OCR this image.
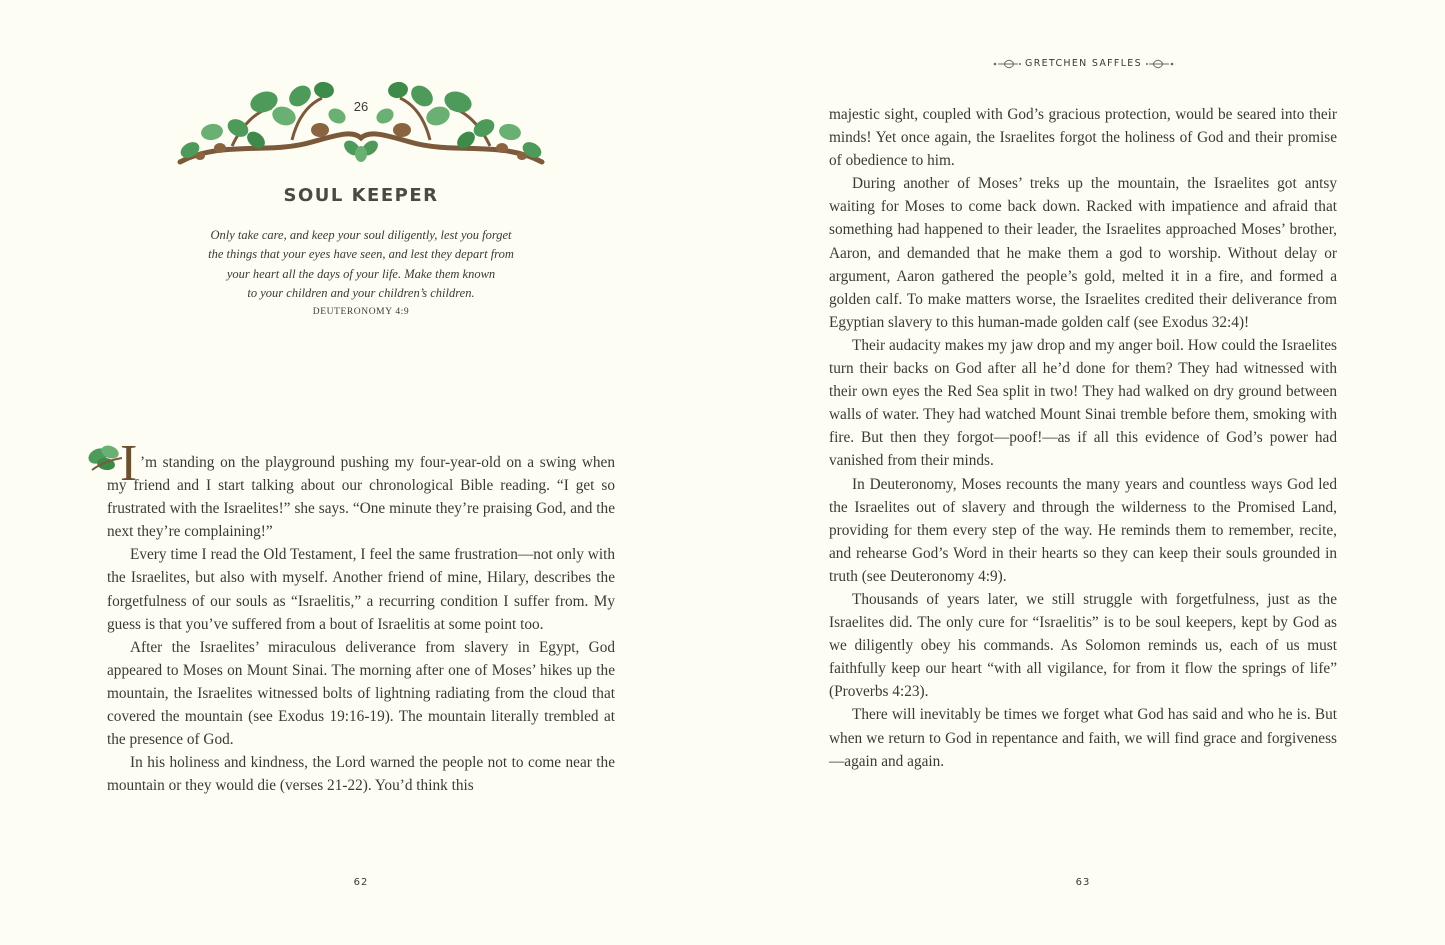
26
SOUL KEEPER
Only take care, and keep your soul diligently, lest you forget
the things that your eyes have seen, and lest they depart from
your heart all the days of your life. Make them known
to your children and your children’s children.
DEUTERONOMY 4:9
I ’m standing on the playground pushing my four-year-old on a swing when my friend and I start talking about our chronological Bible reading. “I get so frustrated with the Israelites!” she says. “One minute they’re praising God, and the next they’re complaining!”

Every time I read the Old Testament, I feel the same frustration—not only with the Israelites, but also with myself. Another friend of mine, Hilary, describes the forgetfulness of our souls as “Israelitis,” a recurring condition I suffer from. My guess is that you’ve suffered from a bout of Israelitis at some point too.

After the Israelites’ miraculous deliverance from slavery in Egypt, God appeared to Moses on Mount Sinai. The morning after one of Moses’ hikes up the mountain, the Israelites witnessed bolts of lightning radiating from the cloud that covered the mountain (see Exodus 19:16-19). The mountain literally trembled at the presence of God.

In his holiness and kindness, the Lord warned the people not to come near the mountain or they would die (verses 21-22). You’d think this

62
GRETCHEN SAFFLES

majestic sight, coupled with God’s gracious protection, would be seared into their minds! Yet once again, the Israelites forgot the holiness of God and their promise of obedience to him.

During another of Moses’ treks up the mountain, the Israelites got antsy waiting for Moses to come back down. Racked with impatience and afraid that something had happened to their leader, the Israelites approached Moses’ brother, Aaron, and demanded that he make them a god to worship. Without delay or argument, Aaron gathered the people’s gold, melted it in a fire, and formed a golden calf. To make matters worse, the Israelites credited their deliverance from Egyptian slavery to this human-made golden calf (see Exodus 32:4)!

Their audacity makes my jaw drop and my anger boil. How could the Israelites turn their backs on God after all he’d done for them? They had witnessed with their own eyes the Red Sea split in two! They had walked on dry ground between walls of water. They had watched Mount Sinai tremble before them, smoking with fire. But then they forgot—poof!—as if all this evidence of God’s power had vanished from their minds.

In Deuteronomy, Moses recounts the many years and countless ways God led the Israelites out of slavery and through the wilderness to the Promised Land, providing for them every step of the way. He reminds them to remember, recite, and rehearse God’s Word in their hearts so they can keep their souls grounded in truth (see Deuteronomy 4:9).

Thousands of years later, we still struggle with forgetfulness, just as the Israelites did. The only cure for “Israelitis” is to be soul keepers, kept by God as we diligently obey his commands. As Solomon reminds us, each of us must faithfully keep our heart “with all vigilance, for from it flow the springs of life” (Proverbs 4:23).

There will inevitably be times we forget what God has said and who he is. But when we return to God in repentance and faith, we will find grace and forgiveness—again and again.

63
